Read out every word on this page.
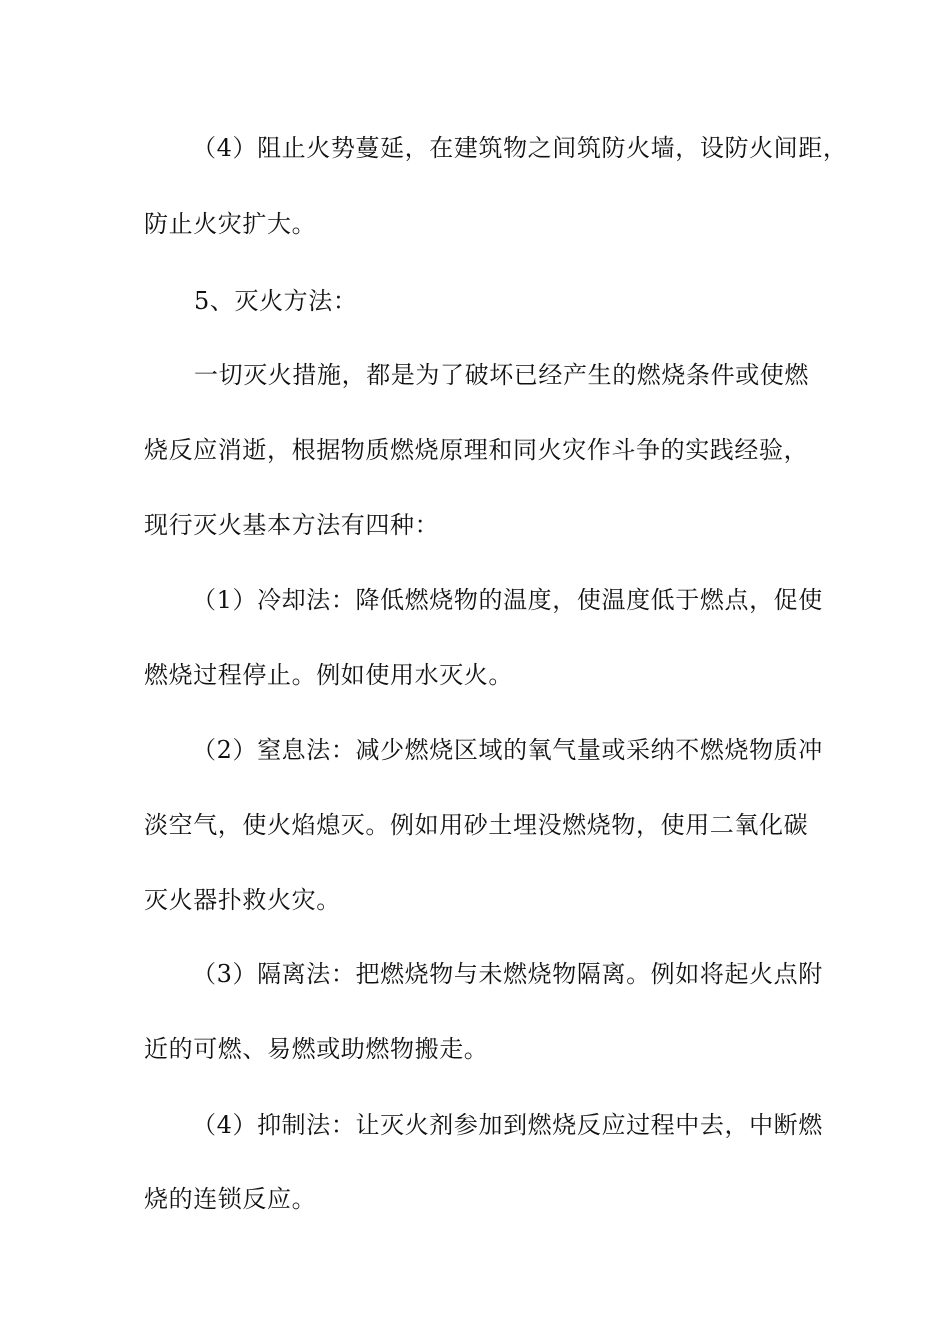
（4）阻止火势蔓延，在建筑物之间筑防火墙，设防火间距，
防止火灾扩大。
5、灭火方法：
一切灭火措施，都是为了破坏已经产生的燃烧条件或使燃
烧反应消逝，根据物质燃烧原理和同火灾作斗争的实践经验，
现行灭火基本方法有四种：
（1）冷却法：降低燃烧物的温度，使温度低于燃点，促使
燃烧过程停止。例如使用水灭火。
（2）窒息法：减少燃烧区域的氧气量或采纳不燃烧物质冲
淡空气，使火焰熄灭。例如用砂土埋没燃烧物，使用二氧化碳
灭火器扑救火灾。
（3）隔离法：把燃烧物与未燃烧物隔离。例如将起火点附
近的可燃、易燃或助燃物搬走。
（4）抑制法：让灭火剂参加到燃烧反应过程中去，中断燃
烧的连锁反应。
